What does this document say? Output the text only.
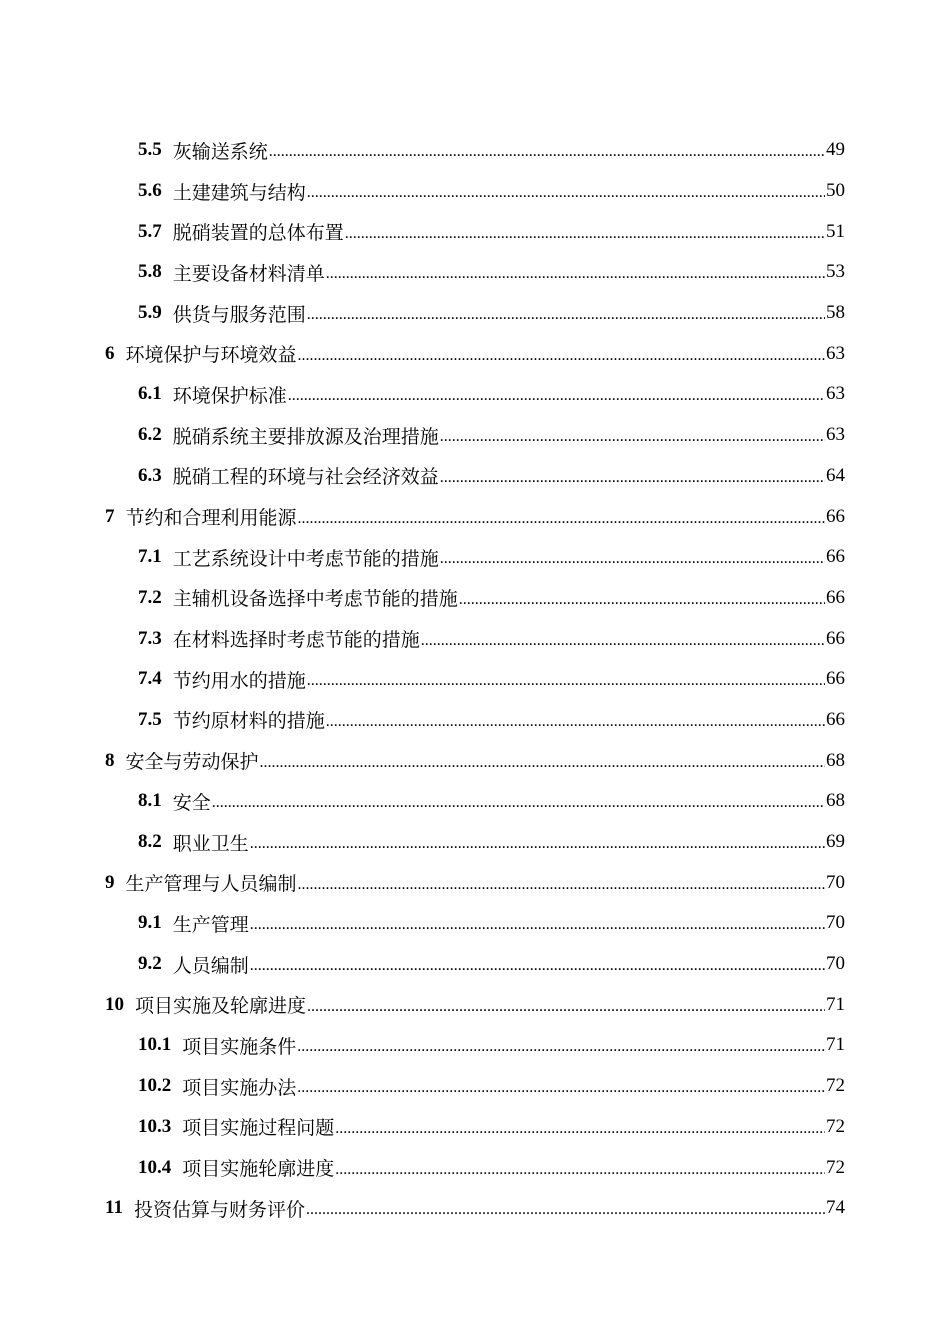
5.5 灰输送系统 .....	49
5.6 土建建筑与结构 .....	50
5.7 脱硝装置的总体布置 .....	51
5.8 主要设备材料清单 .....	53
5.9 供货与服务范围 .....	58
6 环境保护与环境效益 .....	63
6.1 环境保护标准 .....	63
6.2 脱硝系统主要排放源及治理措施 .....	63
6.3 脱硝工程的环境与社会经济效益 .....	64
7 节约和合理利用能源 .....	66
7.1 工艺系统设计中考虑节能的措施 .....	66
7.2 主辅机设备选择中考虑节能的措施 .....	66
7.3 在材料选择时考虑节能的措施 .....	66
7.4 节约用水的措施 .....	66
7.5 节约原材料的措施 .....	66
8 安全与劳动保护 .....	68
8.1 安全 .....	68
8.2 职业卫生 .....	69
9 生产管理与人员编制 .....	70
9.1 生产管理 .....	70
9.2 人员编制 .....	70
10 项目实施及轮廓进度 .....	71
10.1 项目实施条件 .....	71
10.2 项目实施办法 .....	72
10.3 项目实施过程问题 .....	72
10.4 项目实施轮廓进度 .....	72
11 投资估算与财务评价 .....	74
